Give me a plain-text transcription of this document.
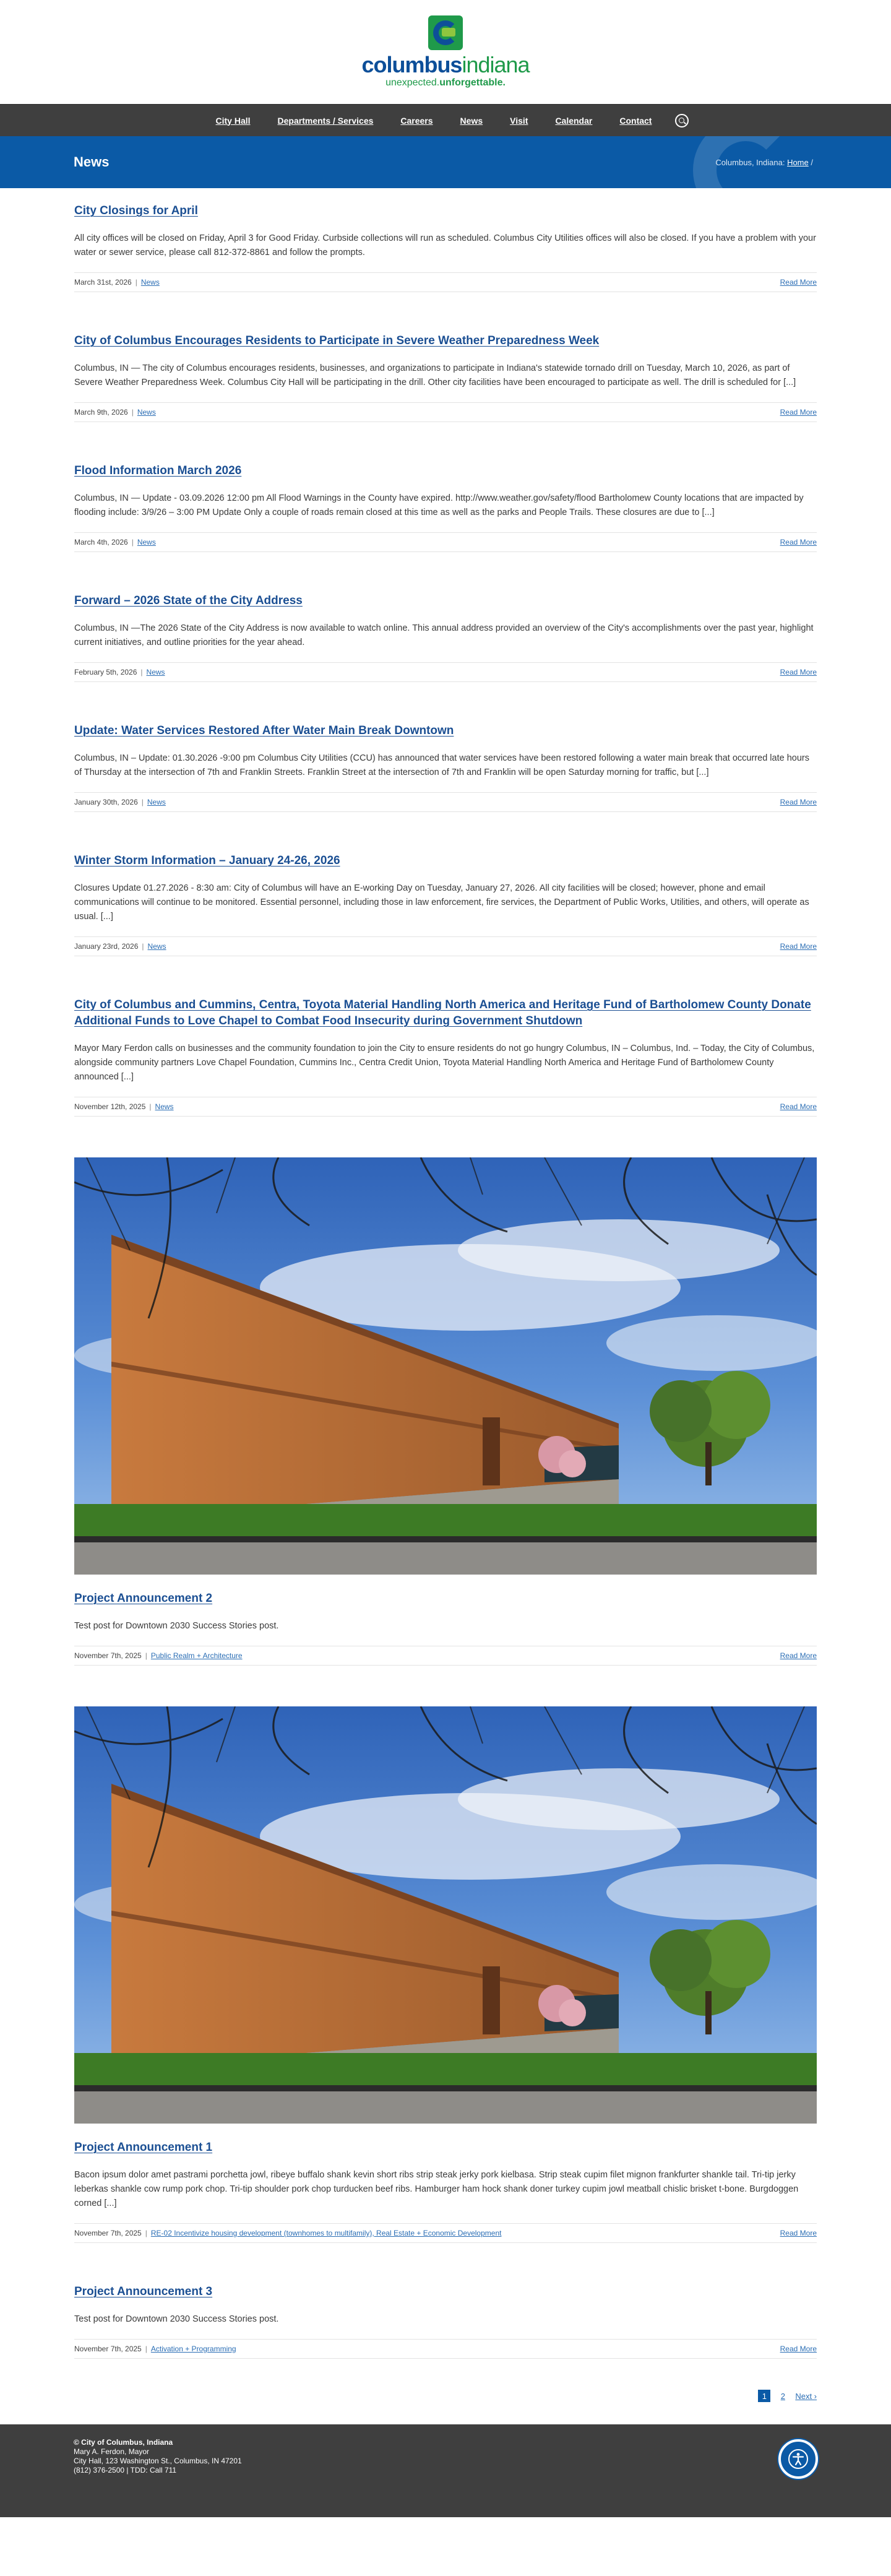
columbusindiana
unexpected.unforgettable.
City Hall	Departments / Services	Careers	News	Visit	Calendar	Contact
News	Columbus, Indiana: Home /
City Closings for April

All city offices will be closed on Friday, April 3 for Good Friday. Curbside collections will run as scheduled. Columbus City Utilities offices will also be closed. If you have a problem with your water or sewer service, please call 812-372-8861 and follow the prompts.

March 31st, 2026 | News	Read More
City of Columbus Encourages Residents to Participate in Severe Weather Preparedness Week

Columbus, IN — The city of Columbus encourages residents, businesses, and organizations to participate in Indiana's statewide tornado drill on Tuesday, March 10, 2026, as part of Severe Weather Preparedness Week. Columbus City Hall will be participating in the drill. Other city facilities have been encouraged to participate as well. The drill is scheduled for [...]

March 9th, 2026 | News	Read More
Flood Information March 2026

Columbus, IN — Update - 03.09.2026 12:00 pm All Flood Warnings in the County have expired. http://www.weather.gov/safety/flood Bartholomew County locations that are impacted by flooding include: 3/9/26 – 3:00 PM Update Only a couple of roads remain closed at this time as well as the parks and People Trails. These closures are due to [...]

March 4th, 2026 | News	Read More
Forward – 2026 State of the City Address

Columbus, IN —The 2026 State of the City Address is now available to watch online. This annual address provided an overview of the City's accomplishments over the past year, highlight current initiatives, and outline priorities for the year ahead.

February 5th, 2026 | News	Read More
Update: Water Services Restored After Water Main Break Downtown

Columbus, IN – Update: 01.30.2026 -9:00 pm Columbus City Utilities (CCU) has announced that water services have been restored following a water main break that occurred late hours of Thursday at the intersection of 7th and Franklin Streets. Franklin Street at the intersection of 7th and Franklin will be open Saturday morning for traffic, but [...]

January 30th, 2026 | News	Read More
Winter Storm Information – January 24-26, 2026

Closures Update 01.27.2026 - 8:30 am: City of Columbus will have an E-working Day on Tuesday, January 27, 2026. All city facilities will be closed; however, phone and email communications will continue to be monitored. Essential personnel, including those in law enforcement, fire services, the Department of Public Works, Utilities, and others, will operate as usual. [...]

January 23rd, 2026 | News	Read More
City of Columbus and Cummins, Centra, Toyota Material Handling North America and Heritage Fund of Bartholomew County Donate Additional Funds to Love Chapel to Combat Food Insecurity during Government Shutdown

Mayor Mary Ferdon calls on businesses and the community foundation to join the City to ensure residents do not go hungry Columbus, IN – Columbus, Ind. – Today, the City of Columbus, alongside community partners Love Chapel Foundation, Cummins Inc., Centra Credit Union, Toyota Material Handling North America and Heritage Fund of Bartholomew County announced [...]

November 12th, 2025 | News	Read More
Project Announcement 2

Test post for Downtown 2030 Success Stories post.

November 7th, 2025 | Public Realm + Architecture	Read More
Project Announcement 1

Bacon ipsum dolor amet pastrami porchetta jowl, ribeye buffalo shank kevin short ribs strip steak jerky pork kielbasa. Strip steak cupim filet mignon frankfurter shankle tail. Tri-tip jerky leberkas shankle cow rump pork chop. Tri-tip shoulder pork chop turducken beef ribs. Hamburger ham hock shank doner turkey cupim jowl meatball chislic brisket t-bone. Burgdoggen corned [...]

November 7th, 2025 | RE-02 Incentivize housing development (townhomes to multifamily), Real Estate + Economic Development	Read More
Project Announcement 3

Test post for Downtown 2030 Success Stories post.

November 7th, 2025 | Activation + Programming	Read More
1	2	Next ›
© City of Columbus, Indiana
Mary A. Ferdon, Mayor
City Hall, 123 Washington St., Columbus, IN 47201
(812) 376-2500 | TDD: Call 711
